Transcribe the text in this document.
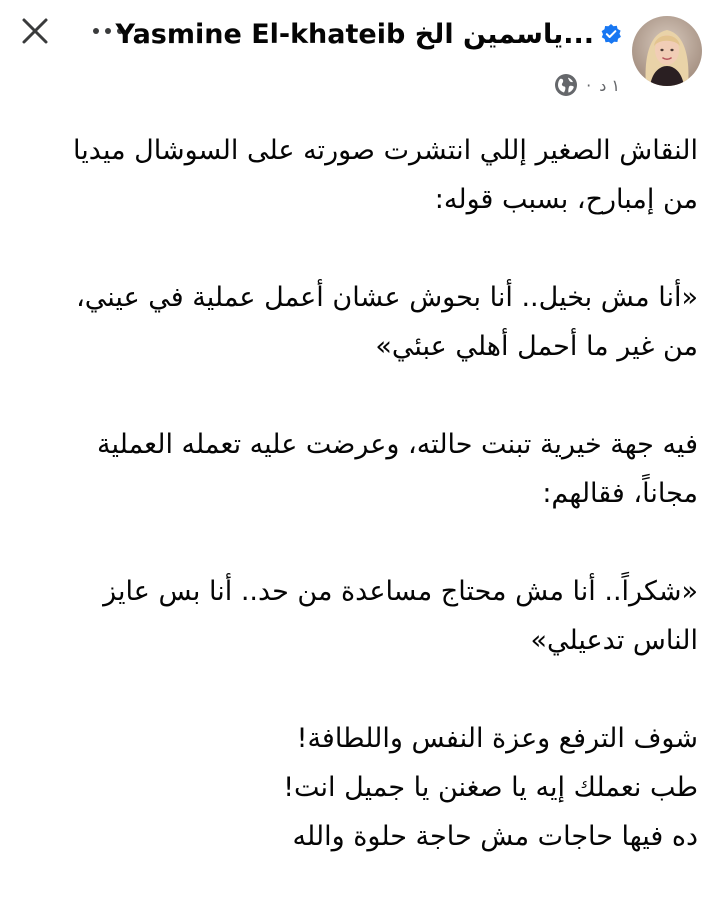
Yasmine El-khateib ياسمين الخ...
١ د
·

النقاش الصغير إللي انتشرت صورته على السوشال ميديا من إمبارح، بسبب قوله:

«أنا مش بخيل.. أنا بحوش عشان أعمل عملية في عيني، من غير ما أحمل أهلي عبئي»

فيه جهة خيرية تبنت حالته، وعرضت عليه تعمله العملية مجاناً، فقالهم:

«شكراً.. أنا مش محتاج مساعدة من حد.. أنا بس عايز الناس تدعيلي»

شوف الترفع وعزة النفس واللطافة!

طب نعملك إيه يا صغنن يا جميل انت!

ده فيها حاجات مش حاجة حلوة والله
